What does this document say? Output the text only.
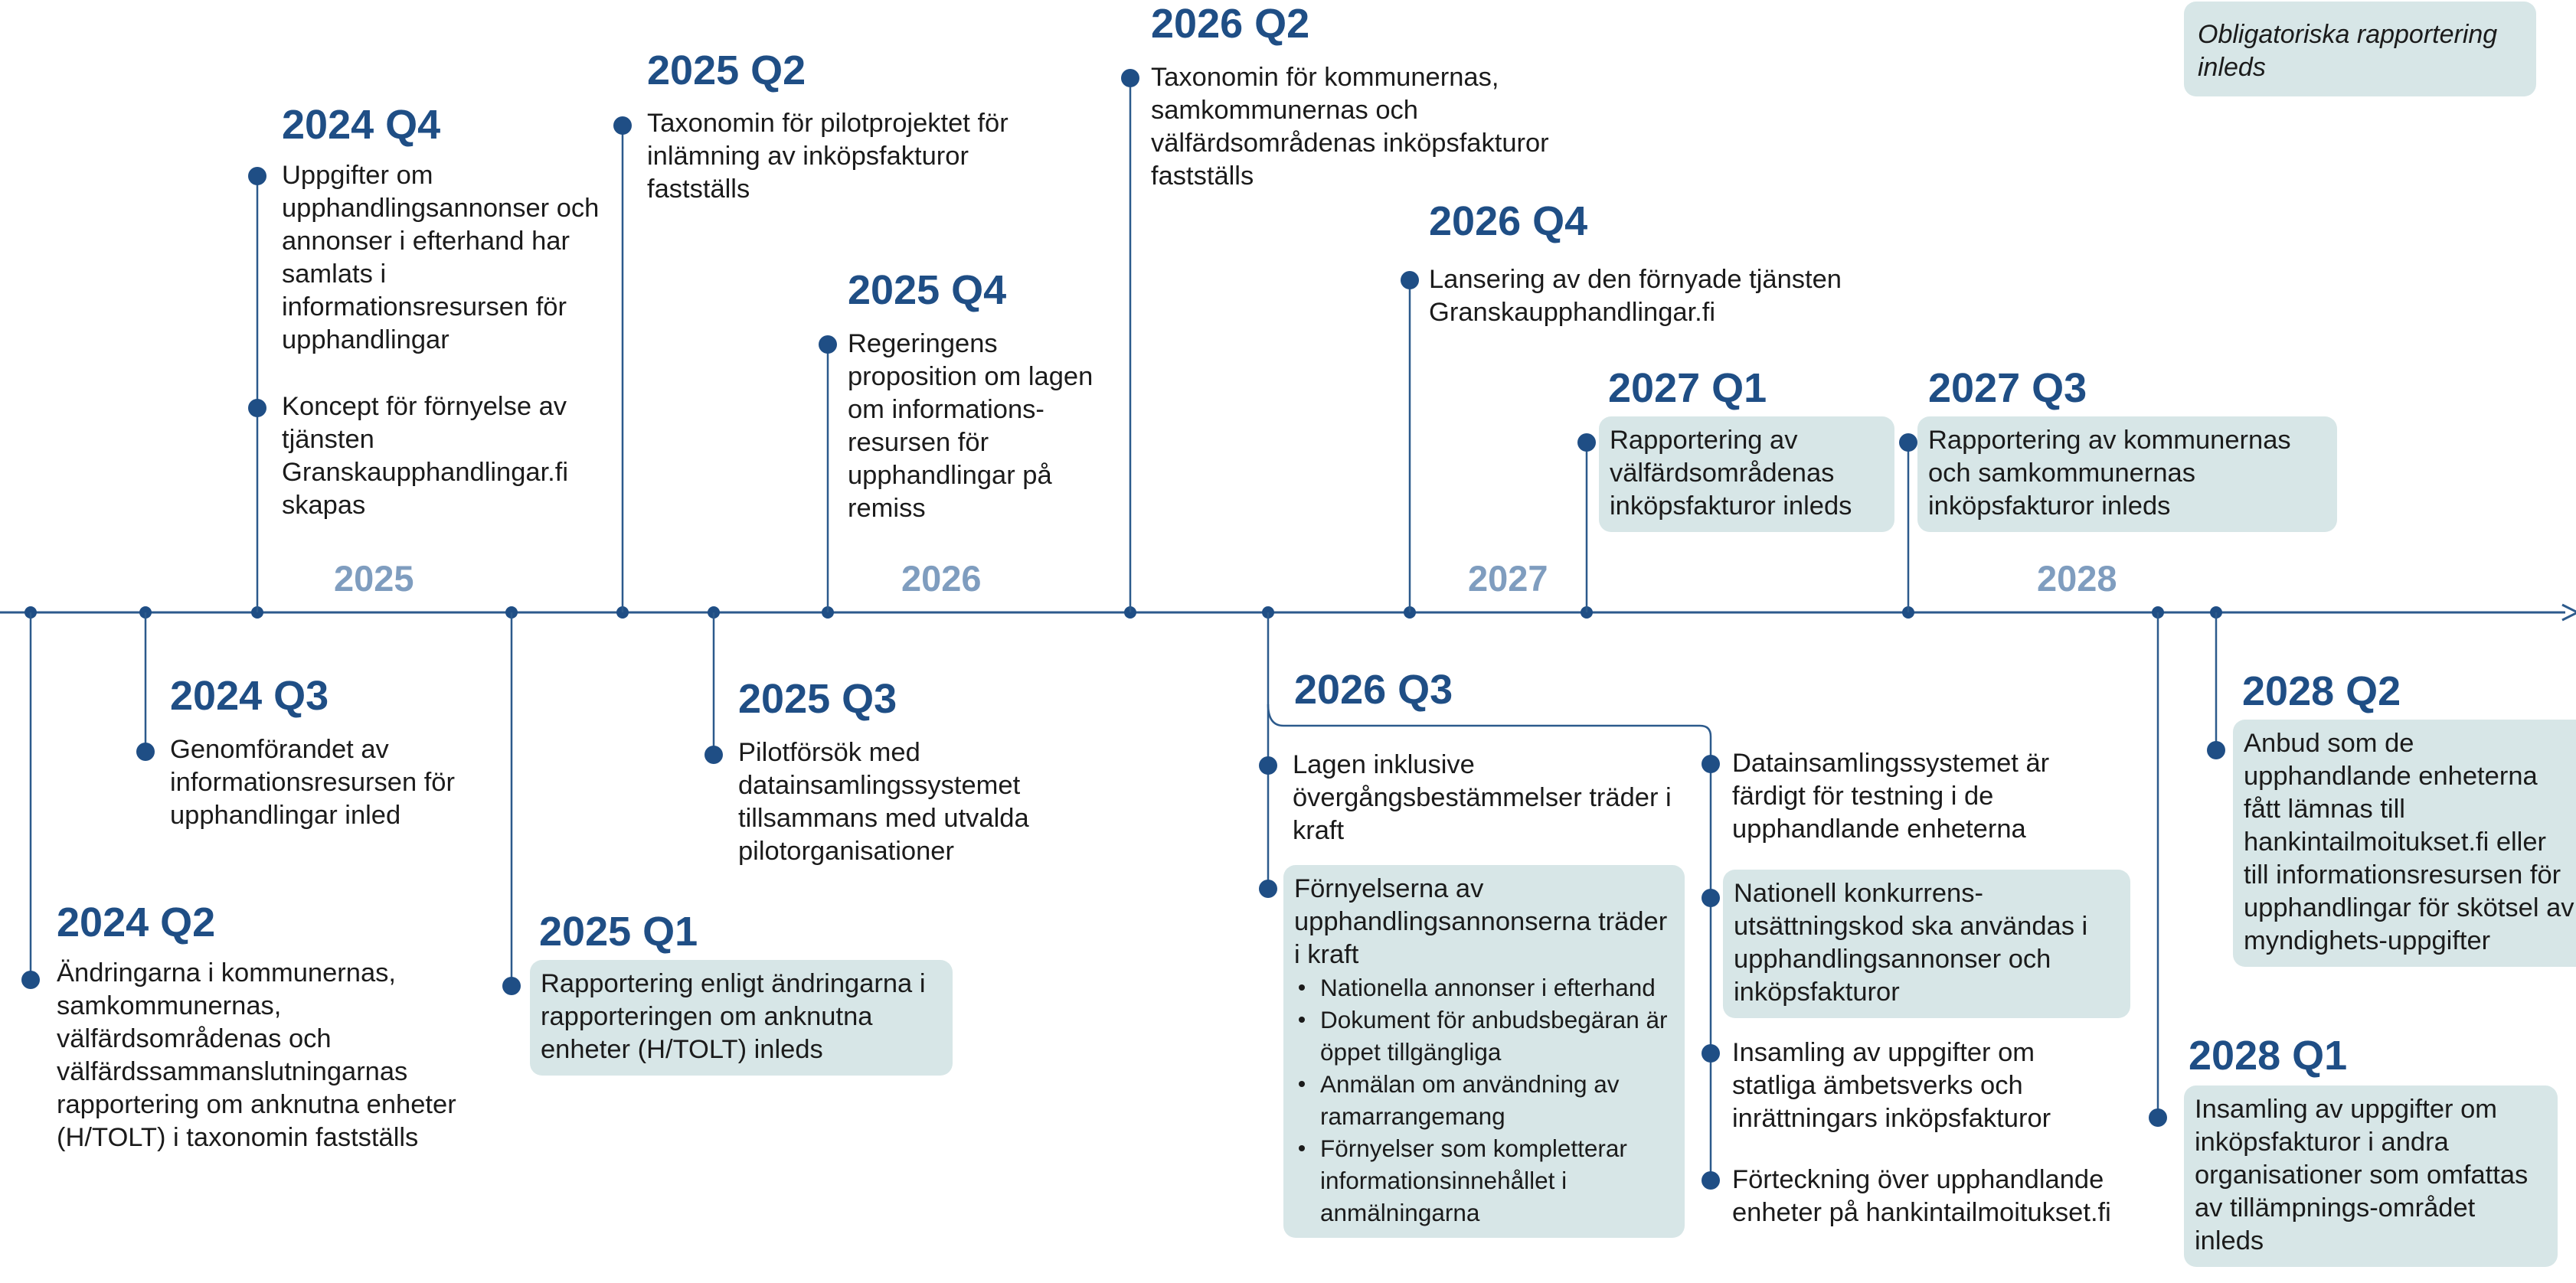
Obligatoriska rapportering inleds
2025	2026	2027	2028
2024 Q2
Ändringarna i kommunernas, samkommunernas, välfärdsområdenas och välfärdssammanslutningarnas rapportering om anknutna enheter (H/TOLT) i taxonomin fastställs
2024 Q3
Genomförandet av informationsresursen för upphandlingar inled
2024 Q4
Uppgifter om upphandlingsannonser och annonser i efterhand har samlats i informationsresursen för upphandlingar
Koncept för förnyelse av tjänsten Granskaupphandlingar.fi skapas
2025 Q1
Rapportering enligt ändringarna i rapporteringen om anknutna enheter (H/TOLT) inleds
2025 Q2
Taxonomin för pilotprojektet för inlämning av inköpsfakturor fastställs
2025 Q3
Pilotförsök med datainsamlingssystemet tillsammans med utvalda pilotorganisationer
2025 Q4
Regeringens proposition om lagen om informations-resursen för upphandlingar på remiss
2026 Q2
Taxonomin för kommunernas, samkommunernas och välfärdsområdenas inköpsfakturor fastställs
2026 Q3
Lagen inklusive övergångsbestämmelser träder i kraft
Förnyelserna av upphandlingsannonserna träder i kraft
Nationella annonser i efterhand
Dokument för anbudsbegäran är öppet tillgängliga
Anmälan om användning av ramarrangemang
Förnyelser som kompletterar informationsinnehållet i anmälningarna
Datainsamlingssystemet är färdigt för testning i de upphandlande enheterna
Nationell konkurrens-utsättningskod ska användas i upphandlingsannonser och inköpsfakturor
Insamling av uppgifter om statliga ämbetsverks och inrättningars inköpsfakturor
Förteckning över upphandlande enheter på hankintailmoitukset.fi
2026 Q4
Lansering av den förnyade tjänsten Granskaupphandlingar.fi
2027 Q1
Rapportering av välfärdsområdenas inköpsfakturor inleds
2027 Q3
Rapportering av kommunernas och samkommunernas inköpsfakturor inleds
2028 Q1
Insamling av uppgifter om inköpsfakturor i andra organisationer som omfattas av tillämpnings-området inleds
2028 Q2
Anbud som de upphandlande enheterna fått lämnas till hankintailmoitukset.fi eller till informationsresursen för upphandlingar för skötsel av myndighets-uppgifter
